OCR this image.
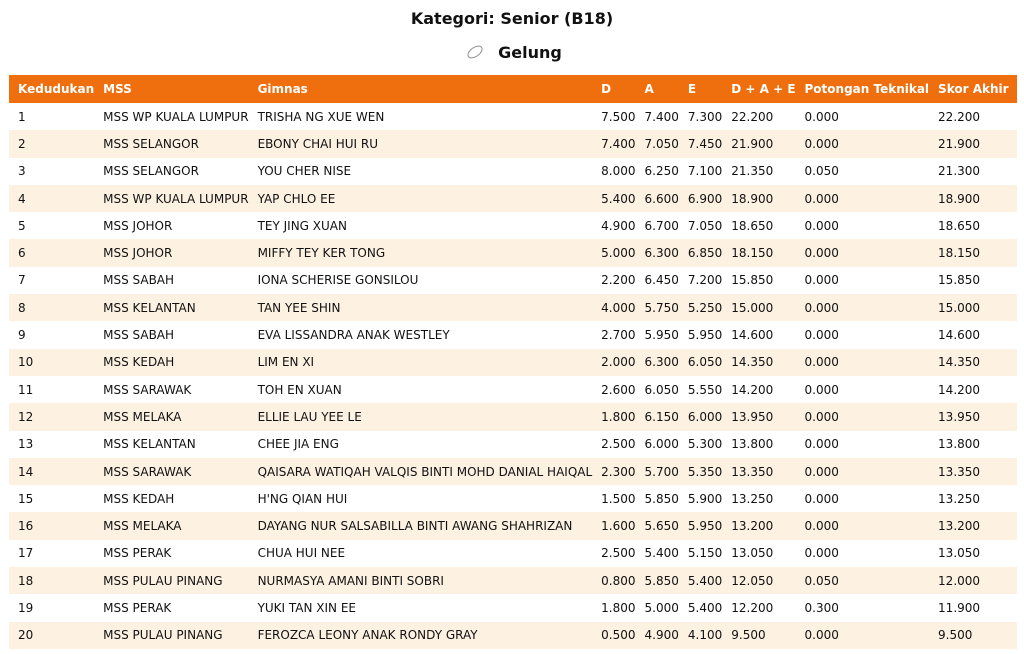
Kategori: Senior (B18)
Gelung
Kedudukan	MSS	Gimnas	D	A	E	D + A + E	Potongan Teknikal	Skor Akhir
1	MSS WP KUALA LUMPUR	TRISHA NG XUE WEN	7.500	7.400	7.300	22.200	0.000	22.200
2	MSS SELANGOR	EBONY CHAI HUI RU	7.400	7.050	7.450	21.900	0.000	21.900
3	MSS SELANGOR	YOU CHER NISE	8.000	6.250	7.100	21.350	0.050	21.300
4	MSS WP KUALA LUMPUR	YAP CHLO EE	5.400	6.600	6.900	18.900	0.000	18.900
5	MSS JOHOR	TEY JING XUAN	4.900	6.700	7.050	18.650	0.000	18.650
6	MSS JOHOR	MIFFY TEY KER TONG	5.000	6.300	6.850	18.150	0.000	18.150
7	MSS SABAH	IONA SCHERISE GONSILOU	2.200	6.450	7.200	15.850	0.000	15.850
8	MSS KELANTAN	TAN YEE SHIN	4.000	5.750	5.250	15.000	0.000	15.000
9	MSS SABAH	EVA LISSANDRA ANAK WESTLEY	2.700	5.950	5.950	14.600	0.000	14.600
10	MSS KEDAH	LIM EN XI	2.000	6.300	6.050	14.350	0.000	14.350
11	MSS SARAWAK	TOH EN XUAN	2.600	6.050	5.550	14.200	0.000	14.200
12	MSS MELAKA	ELLIE LAU YEE LE	1.800	6.150	6.000	13.950	0.000	13.950
13	MSS KELANTAN	CHEE JIA ENG	2.500	6.000	5.300	13.800	0.000	13.800
14	MSS SARAWAK	QAISARA WATIQAH VALQIS BINTI MOHD DANIAL HAIQAL	2.300	5.700	5.350	13.350	0.000	13.350
15	MSS KEDAH	H'NG QIAN HUI	1.500	5.850	5.900	13.250	0.000	13.250
16	MSS MELAKA	DAYANG NUR SALSABILLA BINTI AWANG SHAHRIZAN	1.600	5.650	5.950	13.200	0.000	13.200
17	MSS PERAK	CHUA HUI NEE	2.500	5.400	5.150	13.050	0.000	13.050
18	MSS PULAU PINANG	NURMASYA AMANI BINTI SOBRI	0.800	5.850	5.400	12.050	0.050	12.000
19	MSS PERAK	YUKI TAN XIN EE	1.800	5.000	5.400	12.200	0.300	11.900
20	MSS PULAU PINANG	FEROZCA LEONY ANAK RONDY GRAY	0.500	4.900	4.100	9.500	0.000	9.500
